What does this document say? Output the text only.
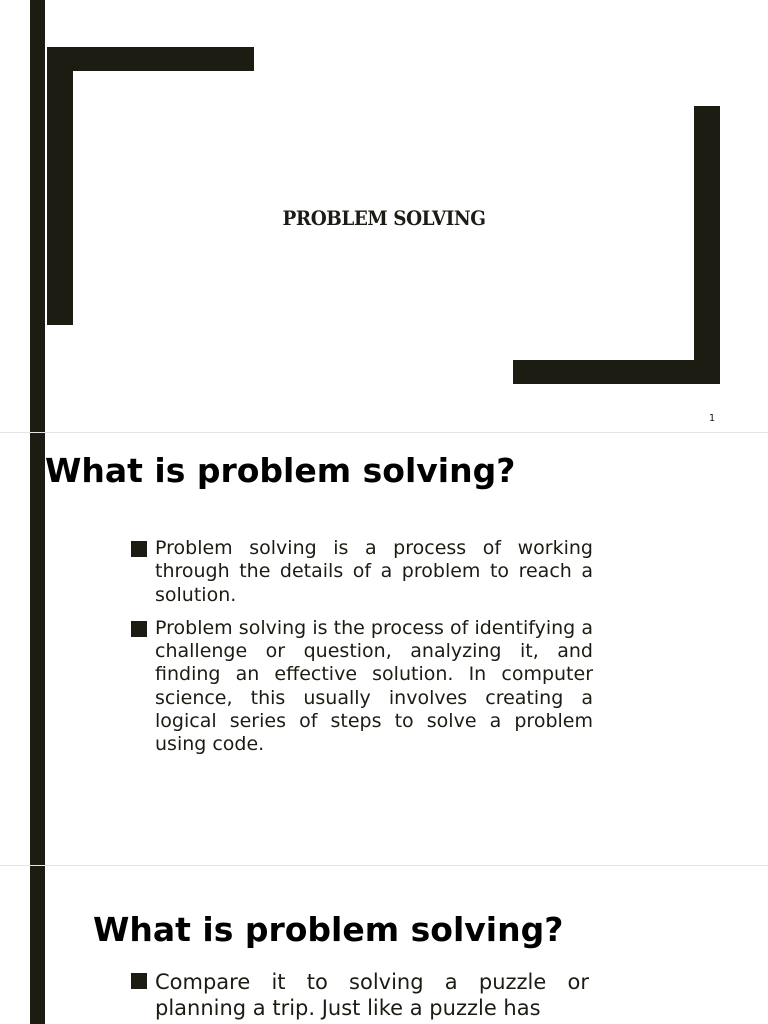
PROBLEM SOLVING
1
What is problem solving?
Problem solving is a process of working through the details of a problem to reach a solution.
Problem solving is the process of identifying a challenge or question, analyzing it, and finding an effective solution. In computer science, this usually involves creating a logical series of steps to solve a problem using code.
What is problem solving?
Compare it to solving a puzzle or planning a trip. Just like a puzzle has
